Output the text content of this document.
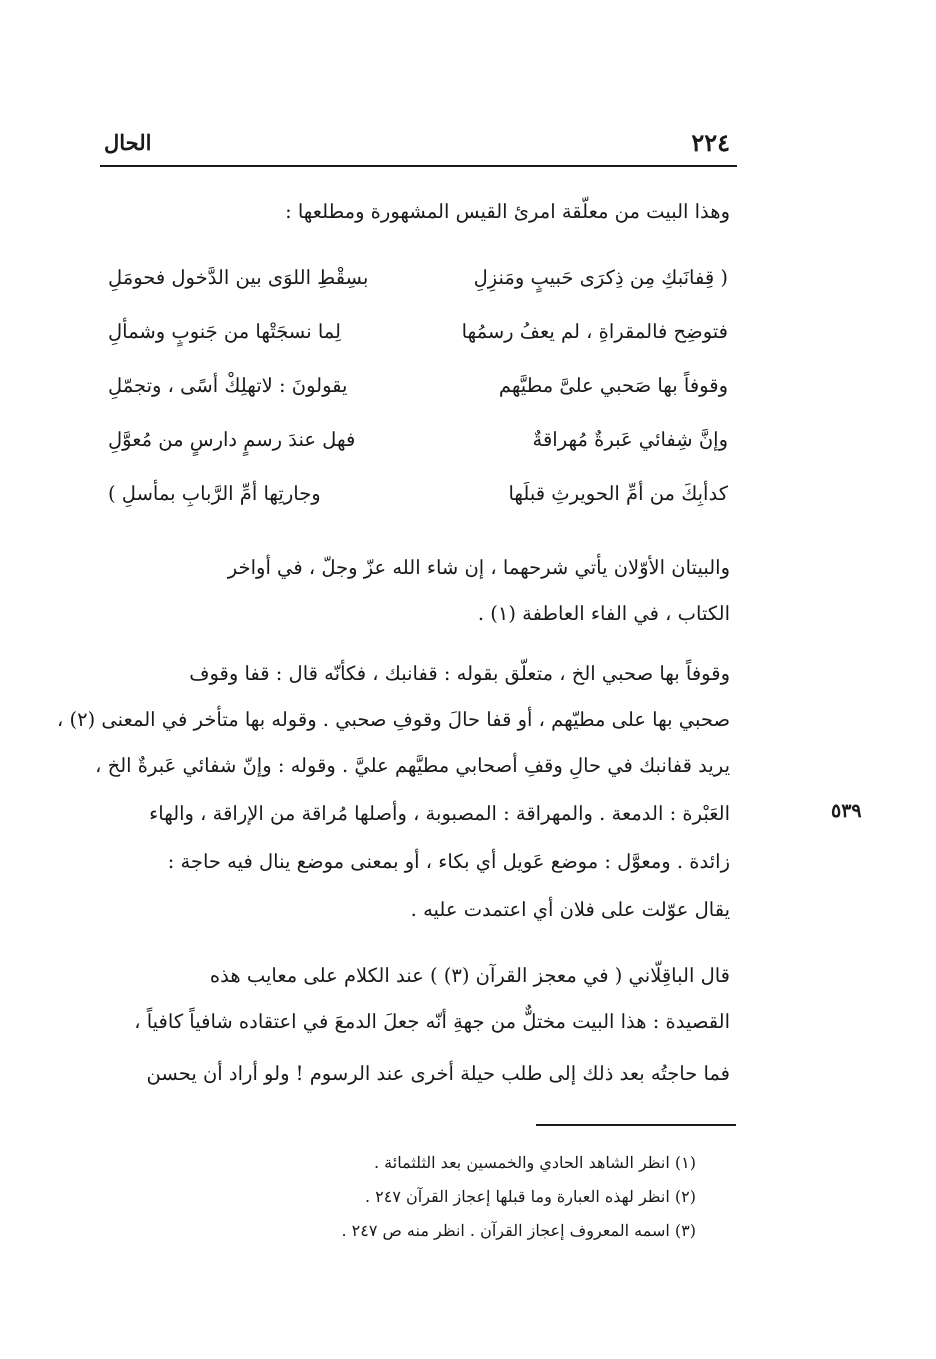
٢٢٤
الحال

وهذا البيت من معلّقة امرئ القيس المشهورة ومطلعها :

( قِفانَبكِ مِن ذِكرَى حَبيبٍ ومَنزِلِ
بسِقْطِ اللوَى بين الدَّخول فحومَلِ
فتوضِح فالمقراةِ ، لم يعفُ رسمُها
لِما نسجَتْها من جَنوبٍ وشمألِ
وقوفاً بها صَحبي علىَّ مطيَّهم
يقولونَ : لاتهلِكْ أسًى ، وتجمّلِ
وإنَّ شِفائي عَبرةٌ مُهراقةٌ
فهل عندَ رسمٍ دارسٍ من مُعوَّلِ
كدأبِكَ من أمِّ الحويرثِ قبلَها
وجارتِها أمِّ الرَّبابِ بمأسلِ )

والبيتان الأوّلان يأتي شرحهما ، إن شاء الله عزّ وجلّ ، في أواخر

الكتاب ، في الفاء العاطفة (١) .

وقوفاً بها صحبي الخ ، متعلّق بقوله : قفانبك ، فكأنّه قال : قفا وقوف

صحبي بها على مطيّهم ، أو قفا حالَ وقوفِ صحبي . وقوله بها متأخر في المعنى (٢) ،

يريد قفانبك في حالِ وقفِ أصحابي مطيَّهم عليَّ . وقوله : وإنّ شفائي عَبرةٌ الخ ،

العَبْرة : الدمعة . والمهراقة : المصبوبة ، وأصلها مُراقة من الإراقة ، والهاء

زائدة . ومعوَّل : موضع عَويل أي بكاء ، أو بمعنى موضع ينال فيه حاجة :

يقال عوّلت على فلان أي اعتمدت عليه .

٥٣٩

قال الباقِلّاني ( في معجز القرآن (٣) ) عند الكلام على معايب هذه

القصيدة : هذا البيت مختلٌّ من جهةِ أنّه جعلَ الدمعَ في اعتقاده شافياً كافياً ،

فما حاجتُه بعد ذلك إلى طلب حيلة أخرى عند الرسوم ! ولو أراد أن يحسن

(١) انظر الشاهد الحادي والخمسين بعد الثلثمائة .
(٢) انظر لهذه العبارة وما قبلها إعجاز القرآن ٢٤٧ .
(٣) اسمه المعروف إعجاز القرآن . انظر منه ص ٢٤٧ .
